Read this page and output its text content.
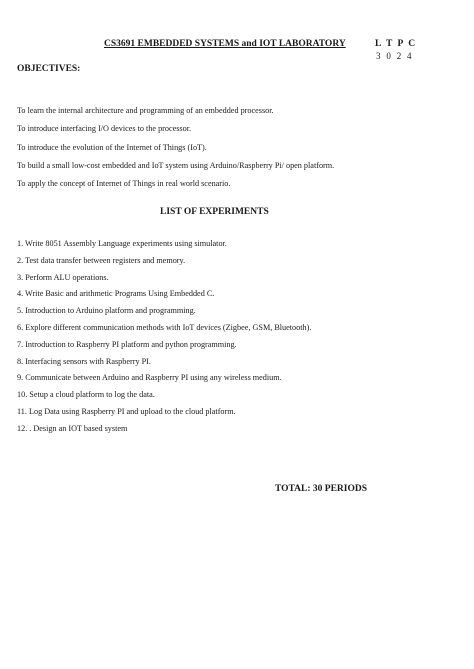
CS3691 EMBEDDED SYSTEMS and IOT LABORATORY	L T P C
3 0 2 4
OBJECTIVES:
To learn the internal architecture and programming of an embedded processor.
To introduce interfacing I/O devices to the processor.
To introduce the evolution of the Internet of Things (IoT).
To build a small low-cost embedded and IoT system using Arduino/Raspberry Pi/ open platform.
To apply the concept of Internet of Things in real world scenario.
LIST OF EXPERIMENTS
1. Write 8051 Assembly Language experiments using simulator.
2. Test data transfer between registers and memory.
3. Perform ALU operations.
4. Write Basic and arithmetic Programs Using Embedded C.
5. Introduction to Arduino platform and programming.
6. Explore different communication methods with IoT devices (Zigbee, GSM, Bluetooth).
7. Introduction to Raspberry PI platform and python programming.
8. Interfacing sensors with Raspberry PI.
9. Communicate between Arduino and Raspberry PI using any wireless medium.
10. Setup a cloud platform to log the data.
11. Log Data using Raspberry PI and upload to the cloud platform.
12. . Design an IOT based system
TOTAL: 30 PERIODS
